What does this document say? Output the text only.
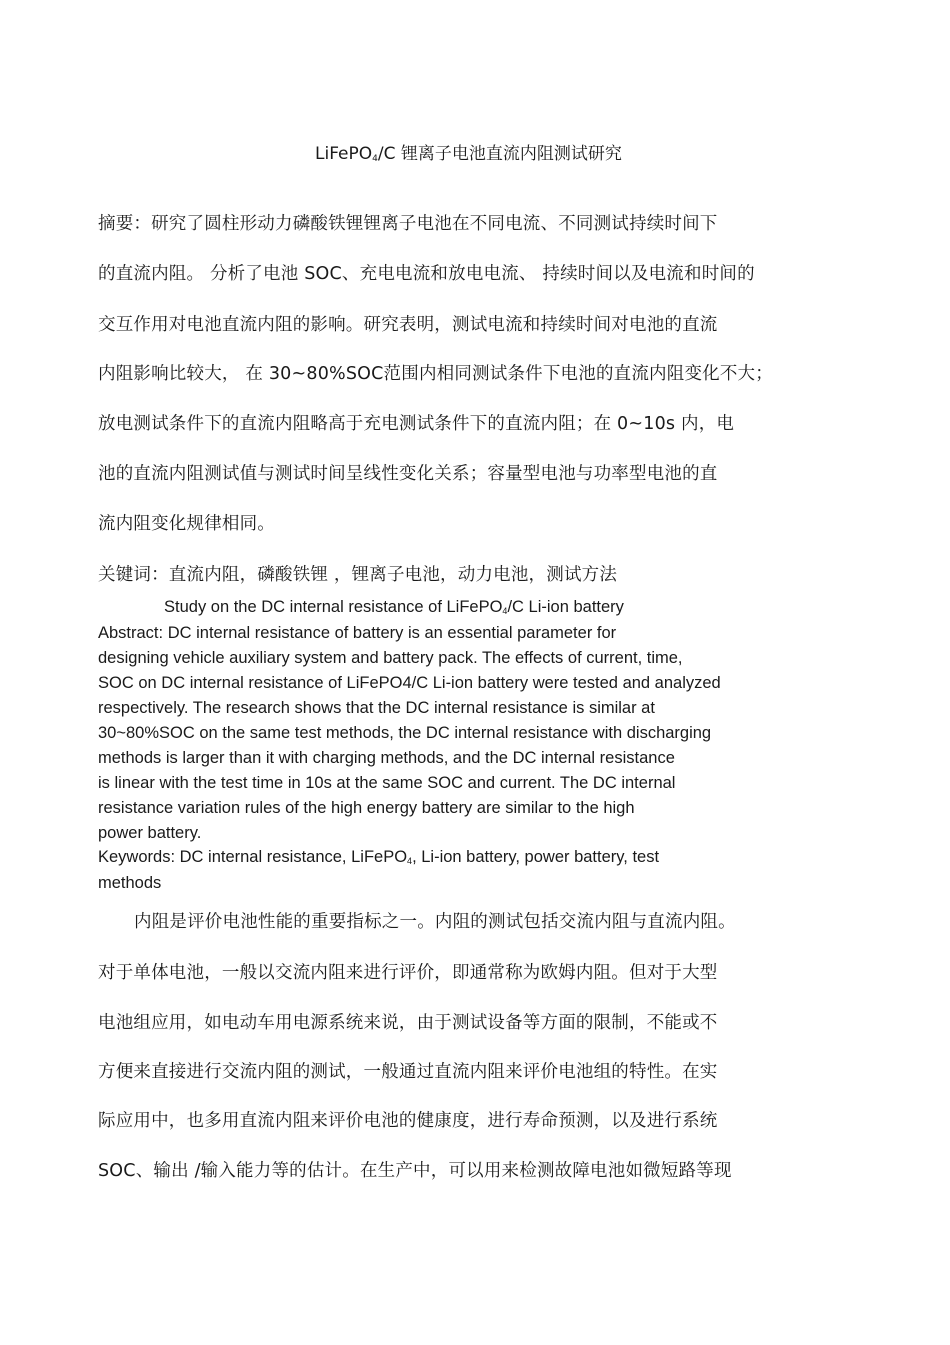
LiFePO$_4$/C 锂离子电池直流内阻测试研究
摘要：研究了圆柱形动力磷酸铁锂锂离子电池在不同电流、不同测试持续时间下
的直流内阻。 分析了电池 SOC、充电电流和放电电流、 持续时间以及电流和时间的
交互作用对电池直流内阻的影响。研究表明，测试电流和持续时间对电池的直流
内阻影响比较大， 在 30~80%SOC范围内相同测试条件下电池的直流内阻变化不大；
放电测试条件下的直流内阻略高于充电测试条件下的直流内阻；在 0~10s 内，电
池的直流内阻测试值与测试时间呈线性变化关系；容量型电池与功率型电池的直
流内阻变化规律相同。
关键词：直流内阻，磷酸铁锂 ，锂离子电池，动力电池，测试方法
Study on the DC internal resistance of LiFePO$_4$/C Li-ion battery
Abstract: DC internal resistance of battery is an essential parameter for
designing vehicle auxiliary system and battery pack. The effects of current, time,
SOC on DC internal resistance of LiFePO4/C Li-ion battery were tested and analyzed
respectively. The research shows that the DC internal resistance is similar at
30~80%SOC on the same test methods, the DC internal resistance with discharging
methods is larger than it with charging methods, and the DC internal resistance
is linear with the test time in 10s at the same SOC and current. The DC internal
resistance variation rules of the high energy battery are similar to the high
power battery.
Keywords: DC internal resistance, LiFePO$_4$, Li-ion battery, power battery, test
methods
内阻是评价电池性能的重要指标之一。内阻的测试包括交流内阻与直流内阻。
对于单体电池，一般以交流内阻来进行评价，即通常称为欧姆内阻。但对于大型
电池组应用，如电动车用电源系统来说，由于测试设备等方面的限制，不能或不
方便来直接进行交流内阻的测试，一般通过直流内阻来评价电池组的特性。在实
际应用中，也多用直流内阻来评价电池的健康度，进行寿命预测，以及进行系统
SOC、输出 /输入能力等的估计。在生产中，可以用来检测故障电池如微短路等现
